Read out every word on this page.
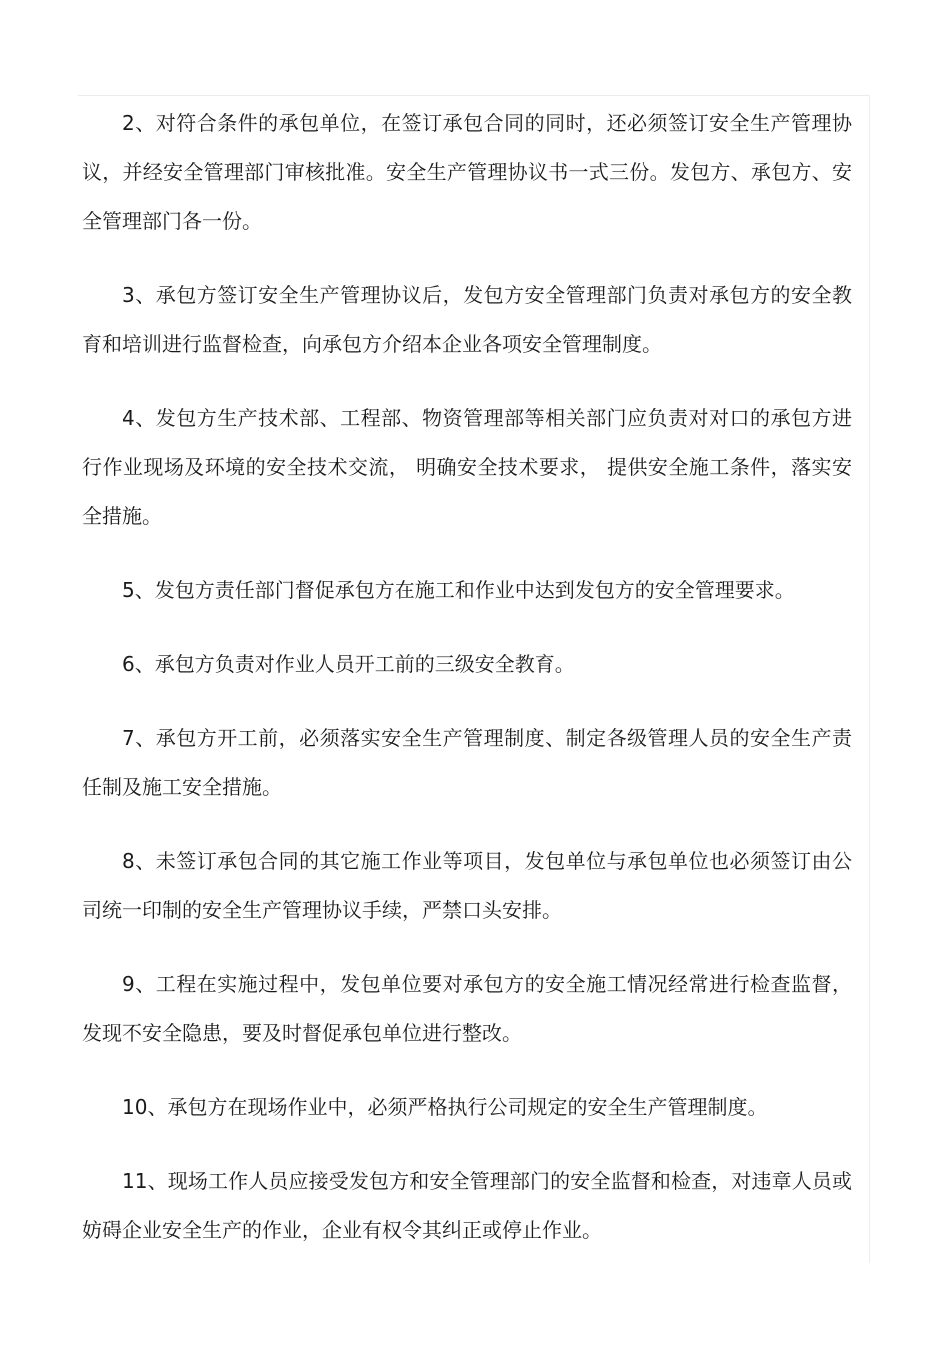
2、对符合条件的承包单位，在签订承包合同的同时，还必须签订安全生产管理协议，并经安全管理部门审核批准。安全生产管理协议书一式三份。发包方、承包方、安全管理部门各一份。

3、承包方签订安全生产管理协议后，发包方安全管理部门负责对承包方的安全教育和培训进行监督检查，向承包方介绍本企业各项安全管理制度。

4、发包方生产技术部、工程部、物资管理部等相关部门应负责对对口的承包方进行作业现场及环境的安全技术交流， 明确安全技术要求， 提供安全施工条件，落实安全措施。

5、发包方责任部门督促承包方在施工和作业中达到发包方的安全管理要求。

6、承包方负责对作业人员开工前的三级安全教育。

7、承包方开工前，必须落实安全生产管理制度、制定各级管理人员的安全生产责任制及施工安全措施。

8、未签订承包合同的其它施工作业等项目，发包单位与承包单位也必须签订由公司统一印制的安全生产管理协议手续，严禁口头安排。

9、工程在实施过程中，发包单位要对承包方的安全施工情况经常进行检查监督，发现不安全隐患，要及时督促承包单位进行整改。

10、承包方在现场作业中，必须严格执行公司规定的安全生产管理制度。

11、现场工作人员应接受发包方和安全管理部门的安全监督和检查，对违章人员或妨碍企业安全生产的作业，企业有权令其纠正或停止作业。
